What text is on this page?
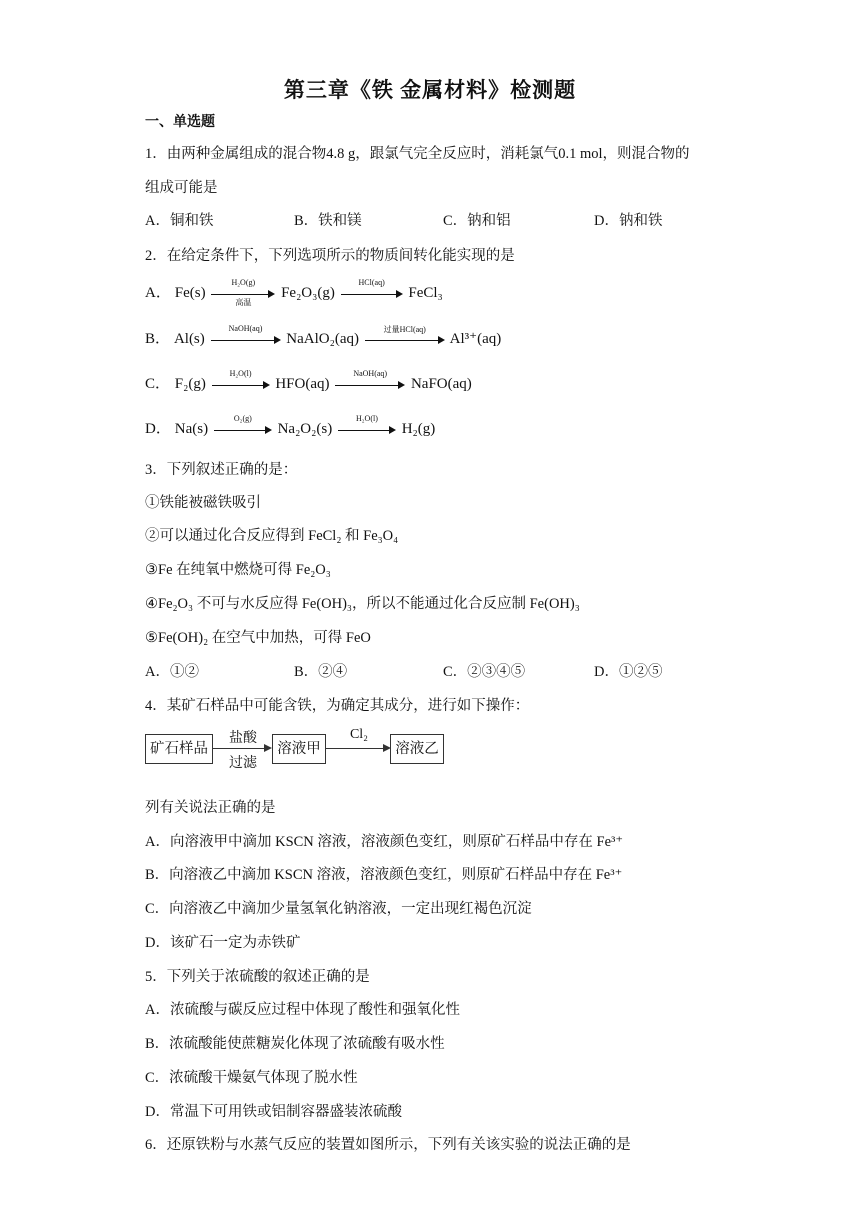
第三章《铁 金属材料》检测题
一、单选题
1．由两种金属组成的混合物4.8 g，跟氯气完全反应时，消耗氯气0.1 mol，则混合物的
组成可能是
A．铜和铁	B．铁和镁	C．钠和铝	D．钠和铁
2．在给定条件下，下列选项所示的物质间转化能实现的是
A． Fe(s)
H₂O(g)
高温
Fe₂O₃(g)
HCl(aq)
FeCl₃
B． Al(s)
NaOH(aq)
NaAlO₂(aq)
过量HCl(aq)
Al³⁺(aq)
C． F₂(g)
H₂O(l)
HFO(aq)
NaOH(aq)
NaFO(aq)
D． Na(s)
O₂(g)
Na₂O₂(s)
H₂O(l)
H₂(g)
3．下列叙述正确的是：
①铁能被磁铁吸引
②可以通过化合反应得到 FeCl₂ 和 Fe₃O₄
③Fe 在纯氧中燃烧可得 Fe₂O₃
④Fe₂O₃ 不可与水反应得 Fe(OH)₃，所以不能通过化合反应制 Fe(OH)₃
⑤Fe(OH)₂ 在空气中加热，可得 FeO
A．①②	B．②④	C．②③④⑤	D．①②⑤
4．某矿石样品中可能含铁，为确定其成分，进行如下操作：
矿石样品
盐酸
过滤
溶液甲
Cl₂
溶液乙
列有关说法正确的是
A．向溶液甲中滴加 KSCN 溶液，溶液颜色变红，则原矿石样品中存在 Fe³⁺
B．向溶液乙中滴加 KSCN 溶液，溶液颜色变红，则原矿石样品中存在 Fe³⁺
C．向溶液乙中滴加少量氢氧化钠溶液，一定出现红褐色沉淀
D．该矿石一定为赤铁矿
5．下列关于浓硫酸的叙述正确的是
A．浓硫酸与碳反应过程中体现了酸性和强氧化性
B．浓硫酸能使蔗糖炭化体现了浓硫酸有吸水性
C．浓硫酸干燥氨气体现了脱水性
D．常温下可用铁或铝制容器盛装浓硫酸
6．还原铁粉与水蒸气反应的装置如图所示，下列有关该实验的说法正确的是
